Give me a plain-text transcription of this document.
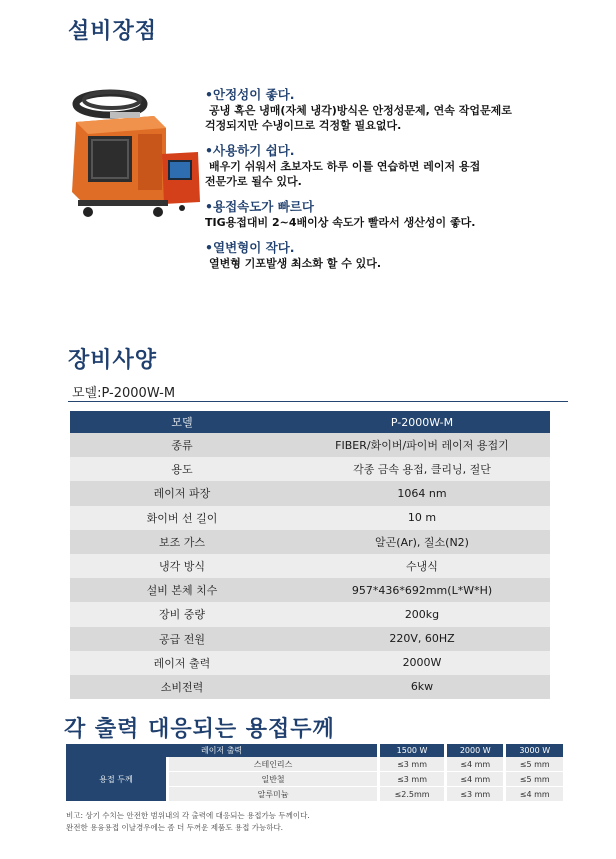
설비장점
•안정성이 좋다.
공냉 혹은 냉매(자체 냉각)방식은 안정성문제, 연속 작업문제로
걱정되지만 수냉이므로 걱정할 필요없다.
•사용하기 쉽다.
배우기 쉬워서 초보자도 하루 이틀 연습하면 레이저 용접
전문가로 될수 있다.
•용접속도가 빠르다
TIG용접대비 2~4배이상 속도가 빨라서 생산성이 좋다.
•열변형이 작다.
열변형 기포발생 최소화 할 수 있다.
장비사양
모델:P-2000W-M
모델	P-2000W-M
종류	FIBER/화이버/파이버 레이저 용접기
용도	각종 금속 용접, 클리닝, 절단
레이저 파장	1064 nm
화이버 선 길이	10 m
보조 가스	알곤(Ar), 질소(N2)
냉각 방식	수냉식
설비 본체 치수	957*436*692mm(L*W*H)
장비 중량	200kg
공급 전원	220V, 60HZ
레이저 출력	2000W
소비전력	6kw
각 출력 대응되는 용접두께
레이저 출력		1500 W	2000 W	3000 W
용접 두께	스테인리스	≤3 mm	≤4 mm	≤5 mm
	일반철	≤3 mm	≤4 mm	≤5 mm
	알루미늄	≤2.5mm	≤3 mm	≤4 mm
비고: 상기 수치는 안전한 범위내의 각 출력에 대응되는 용접가능 두께이다.
완전한 용융용접 이날경우에는 좀 더 두꺼운 제품도 용접 가능하다.
